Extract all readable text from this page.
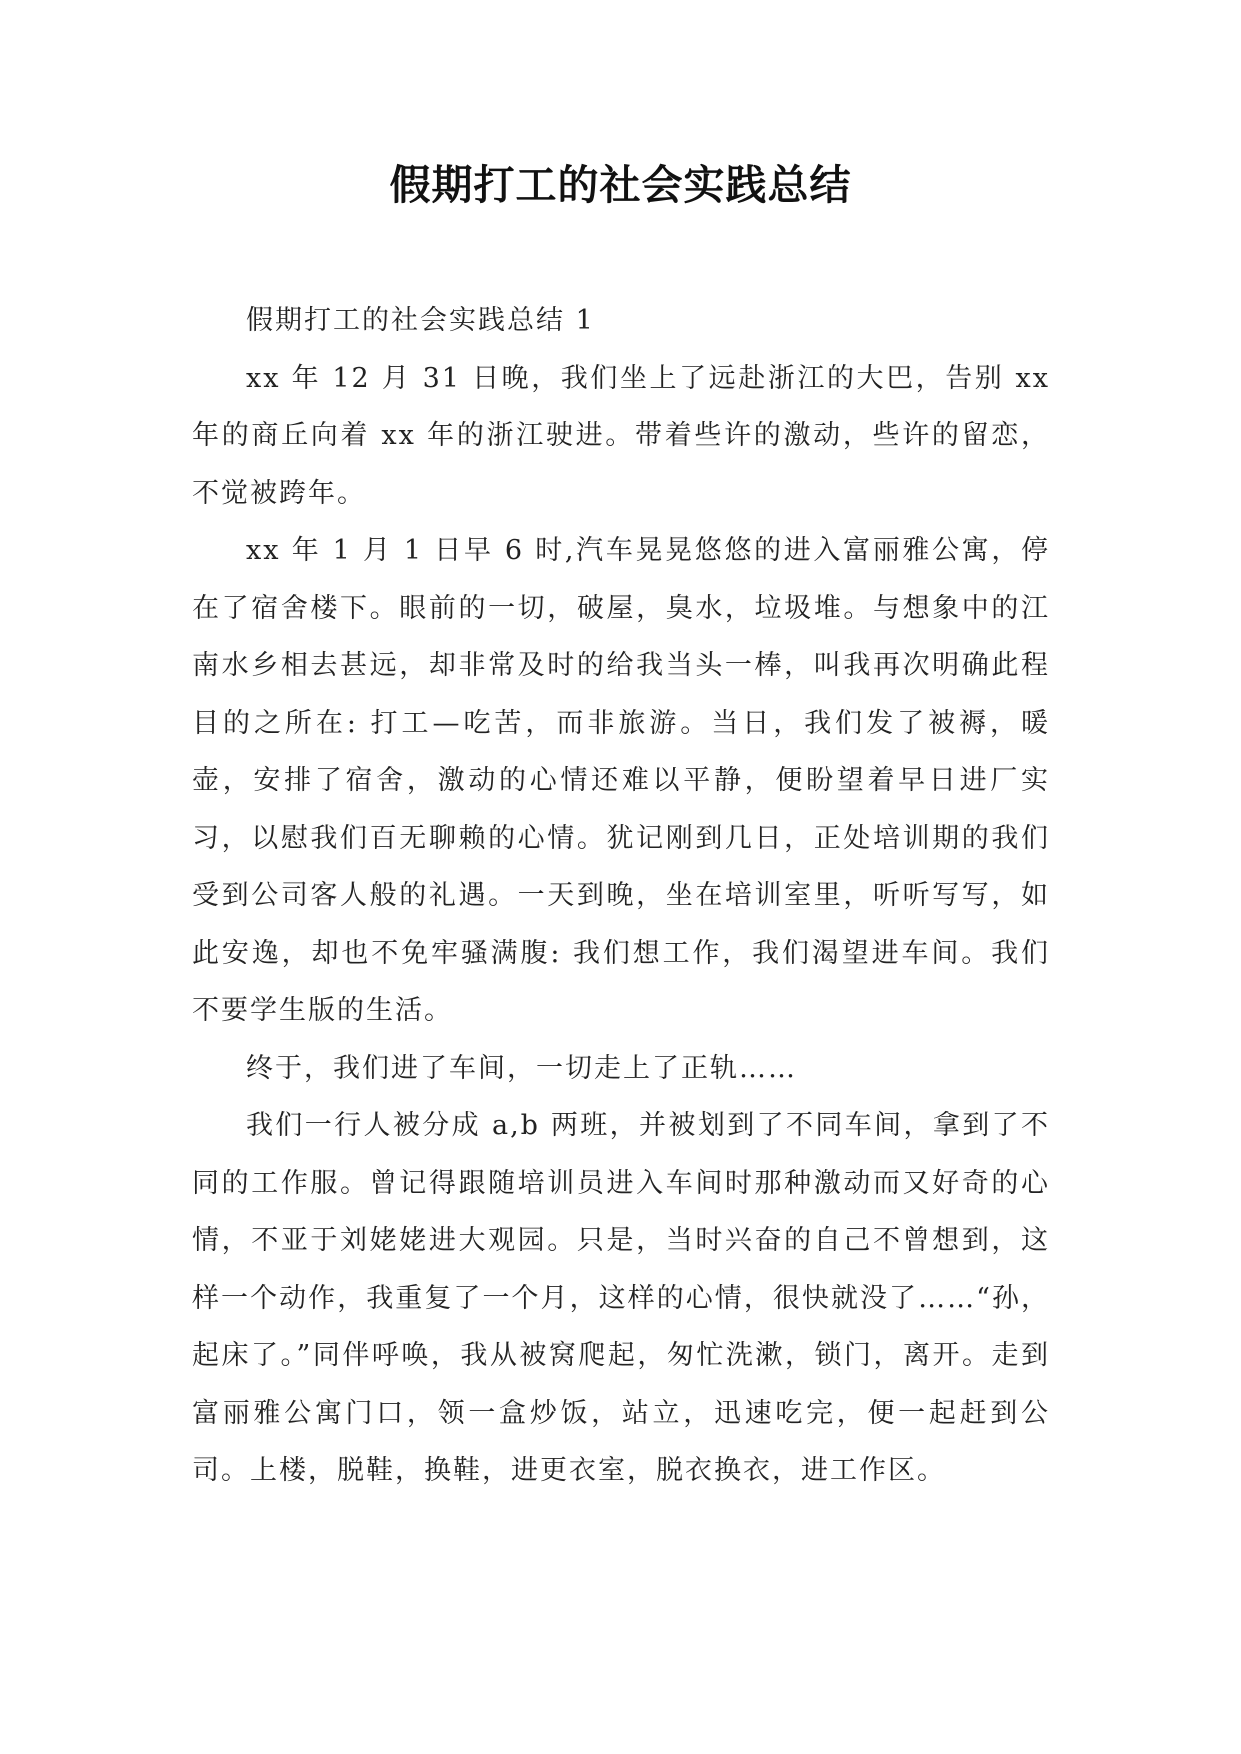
假期打工的社会实践总结

假期打工的社会实践总结 1

xx 年 12 月 31 日晚，我们坐上了远赴浙江的大巴，告别 xx 年的商丘向着 xx 年的浙江驶进。带着些许的激动，些许的留恋，不觉被跨年。

xx 年 1 月 1 日早 6 时,汽车晃晃悠悠的进入富丽雅公寓，停在了宿舍楼下。眼前的一切，破屋，臭水，垃圾堆。与想象中的江南水乡相去甚远，却非常及时的给我当头一棒，叫我再次明确此程目的之所在: 打工—吃苦，而非旅游。当日，我们发了被褥，暖壶，安排了宿舍，激动的心情还难以平静，便盼望着早日进厂实习，以慰我们百无聊赖的心情。犹记刚到几日，正处培训期的我们受到公司客人般的礼遇。一天到晚，坐在培训室里，听听写写，如此安逸，却也不免牢骚满腹: 我们想工作，我们渴望进车间。我们不要学生版的生活。

终于，我们进了车间，一切走上了正轨……

我们一行人被分成 a,b 两班，并被划到了不同车间，拿到了不同的工作服。曾记得跟随培训员进入车间时那种激动而又好奇的心情，不亚于刘姥姥进大观园。只是，当时兴奋的自己不曾想到，这样一个动作，我重复了一个月，这样的心情，很快就没了……“孙，起床了。”同伴呼唤，我从被窝爬起，匆忙洗漱，锁门，离开。走到富丽雅公寓门口，领一盒炒饭，站立，迅速吃完，便一起赶到公司。上楼，脱鞋，换鞋，进更衣室，脱衣换衣，进工作区。
